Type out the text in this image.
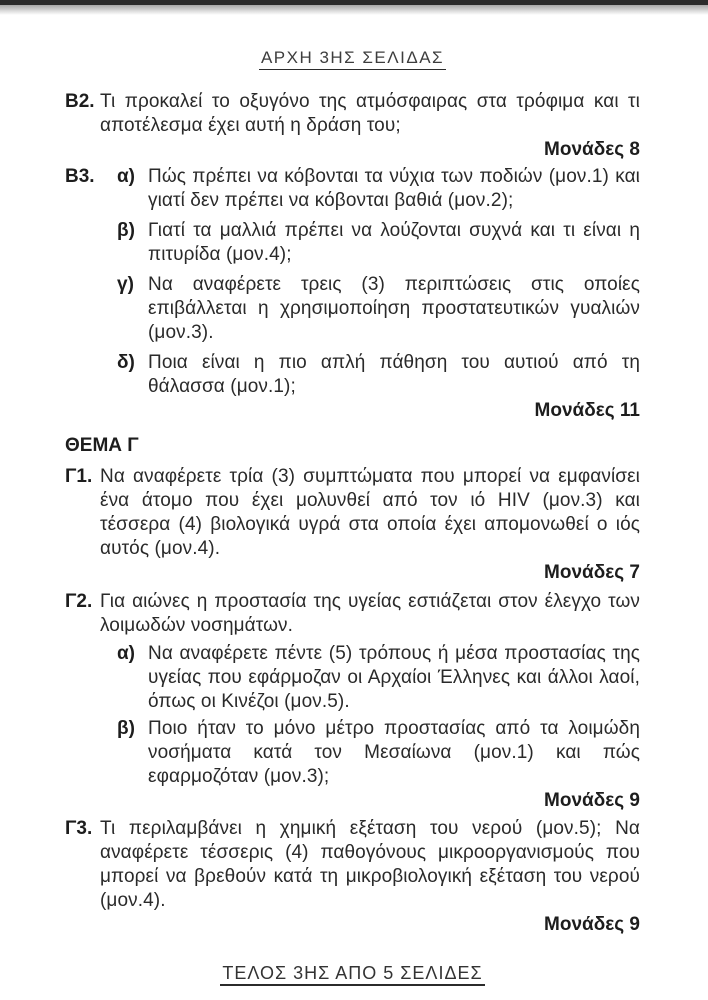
ΑΡΧΗ 3ΗΣ ΣΕΛΙΔΑΣ
Β2. Τι προκαλεί το οξυγόνο της ατμόσφαιρας στα τρόφιμα και τι αποτέλεσμα έχει αυτή η δράση του;

Μονάδες 8
Β3. α) Πώς πρέπει να κόβονται τα νύχια των ποδιών (μον.1) και γιατί δεν πρέπει να κόβονται βαθιά (μον.2);

β) Γιατί τα μαλλιά πρέπει να λούζονται συχνά και τι είναι η πιτυρίδα (μον.4);

γ) Να αναφέρετε τρεις (3) περιπτώσεις στις οποίες επιβάλλεται η χρησιμοποίηση προστατευτικών γυαλιών (μον.3).

δ) Ποια είναι η πιο απλή πάθηση του αυτιού από τη θάλασσα (μον.1);

Μονάδες 11
ΘΕΜΑ Γ
Γ1. Να αναφέρετε τρία (3) συμπτώματα που μπορεί να εμφανίσει ένα άτομο που έχει μολυνθεί από τον ιό HIV (μον.3) και τέσσερα (4) βιολογικά υγρά στα οποία έχει απομονωθεί ο ιός αυτός (μον.4).

Μονάδες 7
Γ2. Για αιώνες η προστασία της υγείας εστιάζεται στον έλεγχο των λοιμωδών νοσημάτων.

α) Να αναφέρετε πέντε (5) τρόπους ή μέσα προστασίας της υγείας που εφάρμοζαν οι Αρχαίοι Έλληνες και άλλοι λαοί, όπως οι Κινέζοι (μον.5).

β) Ποιο ήταν το μόνο μέτρο προστασίας από τα λοιμώδη νοσήματα κατά τον Μεσαίωνα (μον.1) και πώς εφαρμοζόταν (μον.3);

Μονάδες 9
Γ3. Τι περιλαμβάνει η χημική εξέταση του νερού (μον.5); Να αναφέρετε τέσσερις (4) παθογόνους μικροοργανισμούς που μπορεί να βρεθούν κατά τη μικροβιολογική εξέταση του νερού (μον.4).

Μονάδες 9
ΤΕΛΟΣ 3ΗΣ ΑΠΟ 5 ΣΕΛΙΔΕΣ
